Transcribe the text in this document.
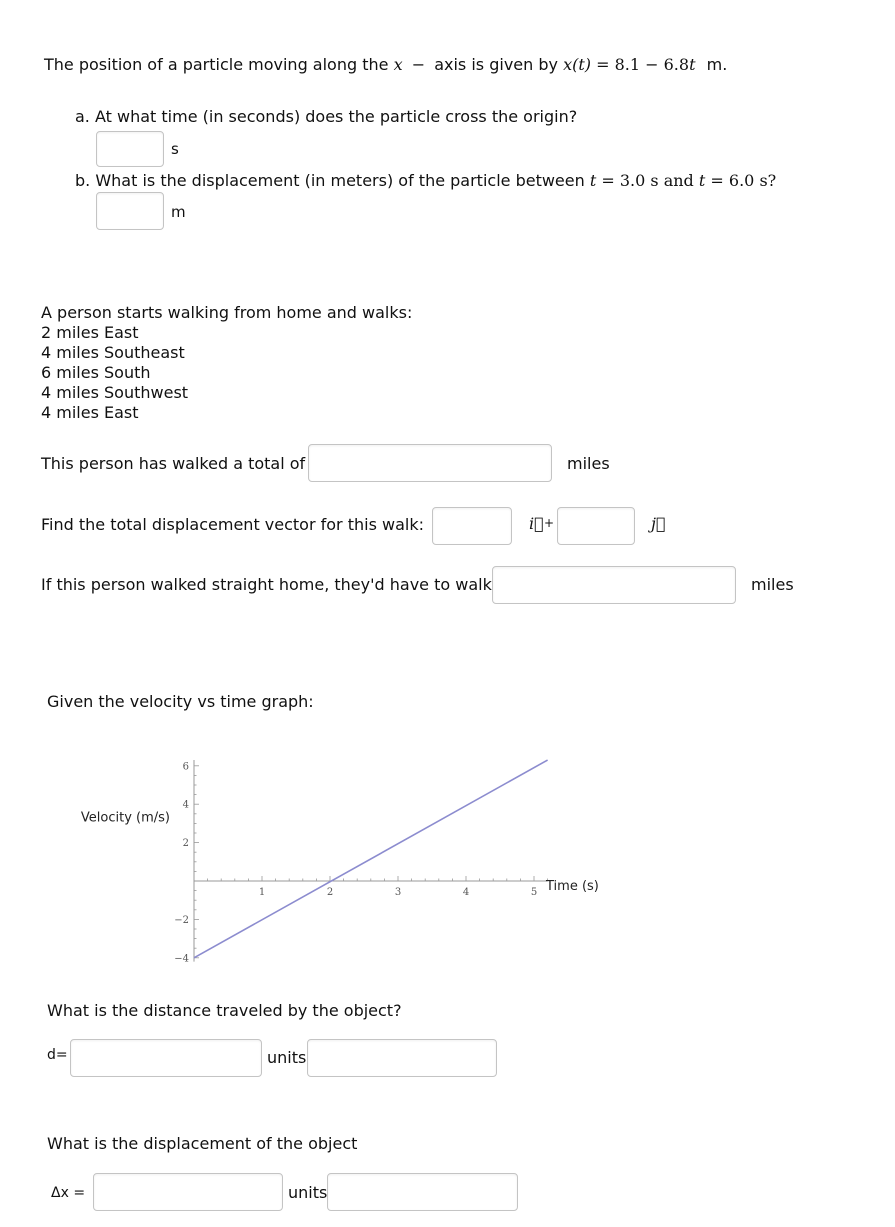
The position of a particle moving along the x − axis is given by x(t) = 8.1 − 6.8t m.
a. At what time (in seconds) does the particle cross the origin?
s
b. What is the displacement (in meters) of the particle between t = 3.0 s and t = 6.0 s?
m
A person starts walking from home and walks:
2 miles East
4 miles Southeast
6 miles South
4 miles Southwest
4 miles East
This person has walked a total of	miles
Find the total displacement vector for this walk:	i⃗ +	j⃗
If this person walked straight home, they'd have to walk	miles
Given the velocity vs time graph:
1	2	3	4	5
−4
−2
2
4
6
Time (s)
Velocity (m/s)
What is the distance traveled by the object?
d=	units
What is the displacement of the object
Δx =	units
